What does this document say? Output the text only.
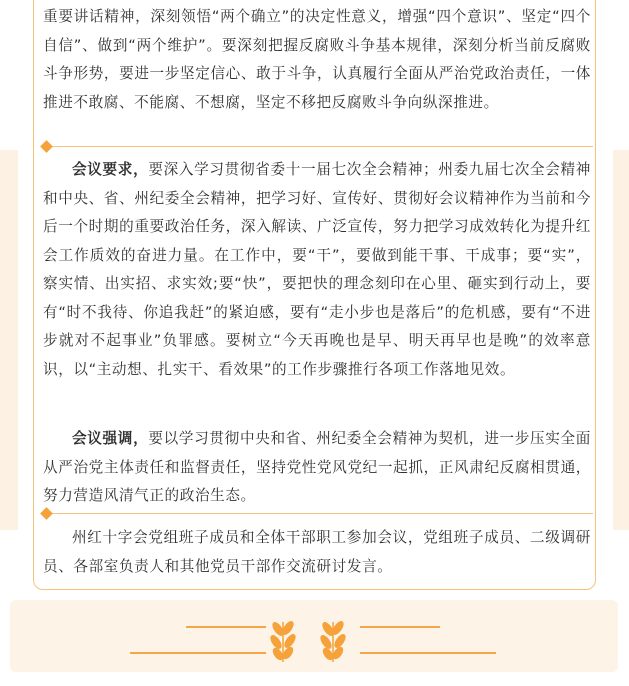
重要讲话精神，深刻领悟“两个确立”的决定性意义，增强“四个意识”、坚定“四个自信”、做到“两个维护”。要深刻把握反腐败斗争基本规律，深刻分析当前反腐败斗争形势，要进一步坚定信心、敢于斗争，认真履行全面从严治党政治责任，一体推进不敢腐、不能腐、不想腐，坚定不移把反腐败斗争向纵深推进。

会议要求，要深入学习贯彻省委十一届七次全会精神；州委九届七次全会精神和中央、省、州纪委全会精神，把学习好、宣传好、贯彻好会议精神作为当前和今后一个时期的重要政治任务，深入解读、广泛宣传，努力把学习成效转化为提升红会工作质效的奋进力量。在工作中，要“干”，要做到能干事、干成事；要“实”，察实情、出实招、求实效;要“快”，要把快的理念刻印在心里、砸实到行动上，要有“时不我待、你追我赶”的紧迫感，要有“走小步也是落后”的危机感，要有“不进步就对不起事业”负罪感。要树立“今天再晚也是早、明天再早也是晚”的效率意识，以“主动想、扎实干、看效果”的工作步骤推行各项工作落地见效。

会议强调，要以学习贯彻中央和省、州纪委全会精神为契机，进一步压实全面从严治党主体责任和监督责任，坚持党性党风党纪一起抓，正风肃纪反腐相贯通，努力营造风清气正的政治生态。

州红十字会党组班子成员和全体干部职工参加会议，党组班子成员、二级调研员、各部室负责人和其他党员干部作交流研讨发言。
